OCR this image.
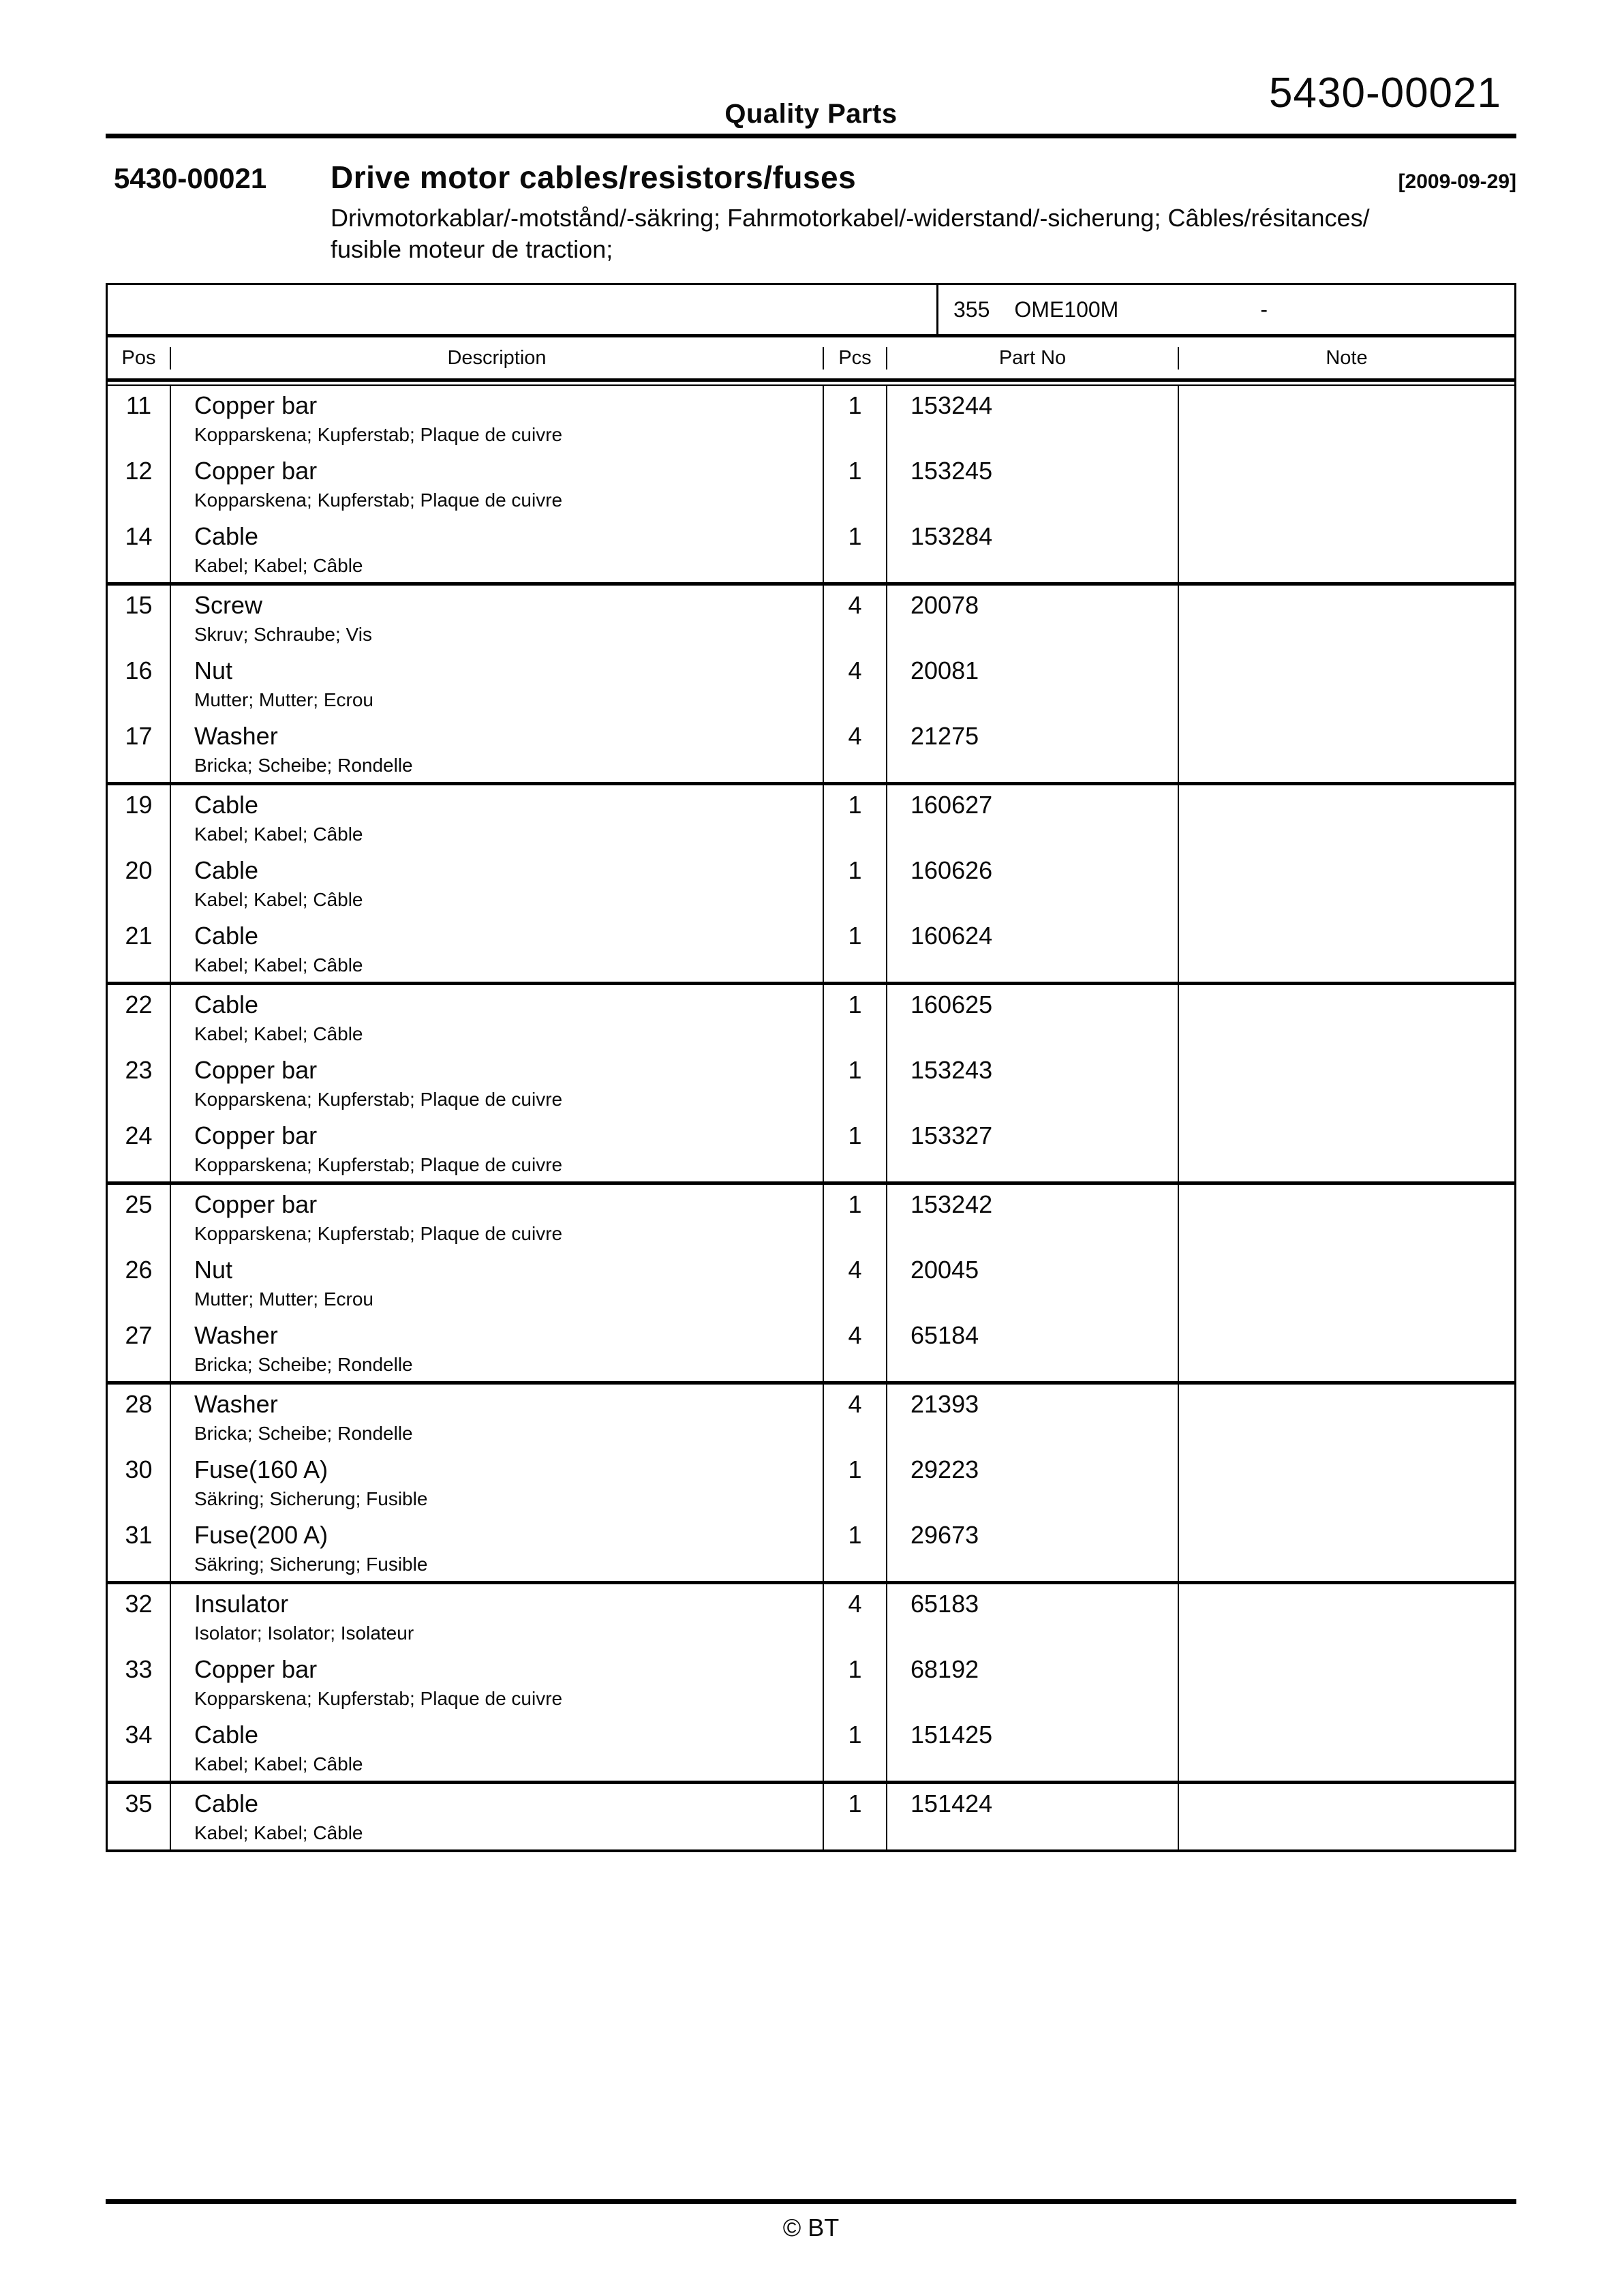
Quality Parts	5430-00021
5430-00021	Drive motor cables/resistors/fuses	[2009-09-29]
Drivmotorkablar/-motstånd/-säkring; Fahrmotorkabel/-widerstand/-sicherung; Câbles/résitances/
fusible moteur de traction;
355 OME100M	-
Pos	Description	Pcs	Part No	Note
11	Copper bar
Kopparskena; Kupferstab; Plaque de cuivre
1	153244
12	Copper bar
Kopparskena; Kupferstab; Plaque de cuivre
1	153245
14	Cable
Kabel; Kabel; Câble
1	153284
15	Screw
Skruv; Schraube; Vis
4	20078
16	Nut
Mutter; Mutter; Ecrou
4	20081
17	Washer
Bricka; Scheibe; Rondelle
4	21275
19	Cable
Kabel; Kabel; Câble
1	160627
20	Cable
Kabel; Kabel; Câble
1	160626
21	Cable
Kabel; Kabel; Câble
1	160624
22	Cable
Kabel; Kabel; Câble
1	160625
23	Copper bar
Kopparskena; Kupferstab; Plaque de cuivre
1	153243
24	Copper bar
Kopparskena; Kupferstab; Plaque de cuivre
1	153327
25	Copper bar
Kopparskena; Kupferstab; Plaque de cuivre
1	153242
26	Nut
Mutter; Mutter; Ecrou
4	20045
27	Washer
Bricka; Scheibe; Rondelle
4	65184
28	Washer
Bricka; Scheibe; Rondelle
4	21393
30	Fuse(160 A)
Säkring; Sicherung; Fusible
1	29223
31	Fuse(200 A)
Säkring; Sicherung; Fusible
1	29673
32	Insulator
Isolator; Isolator; Isolateur
4	65183
33	Copper bar
Kopparskena; Kupferstab; Plaque de cuivre
1	68192
34	Cable
Kabel; Kabel; Câble
1	151425
35	Cable
Kabel; Kabel; Câble
1	151424
© BT
